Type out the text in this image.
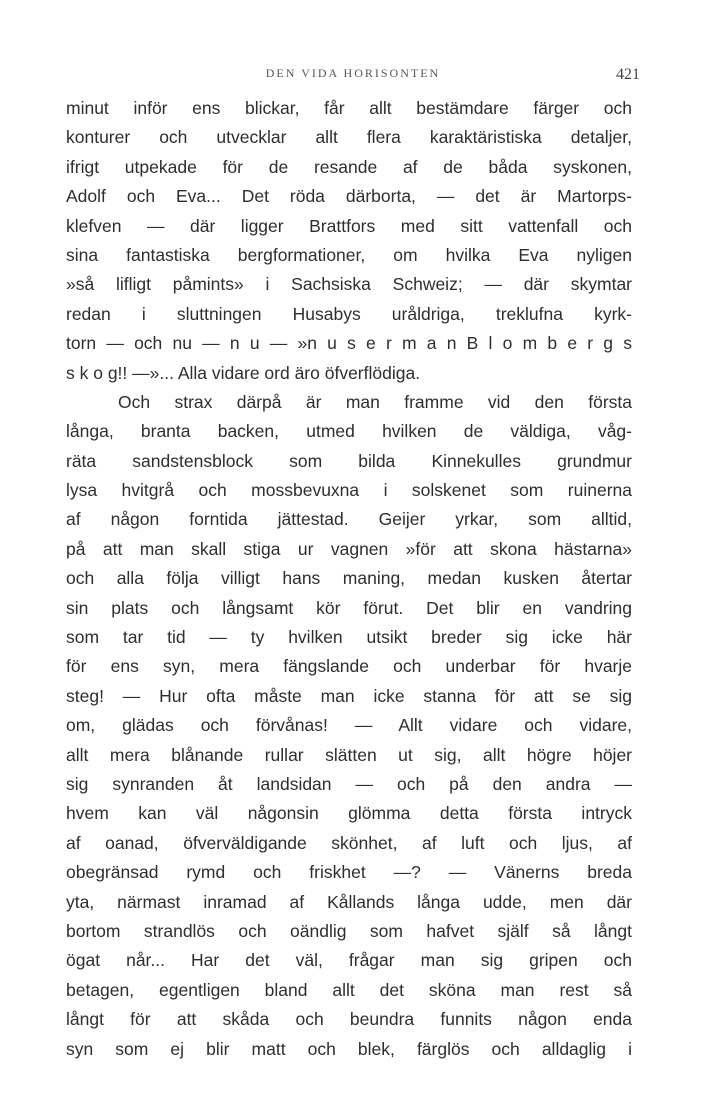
DEN VIDA HORISONTEN	421
minut inför ens blickar, får allt bestämdare färger och
konturer och utvecklar allt flera karaktäristiska detaljer,
ifrigt utpekade för de resande af de båda syskonen,
Adolf och Eva... Det röda därborta, — det är Martorps-
klefven — där ligger Brattfors med sitt vattenfall och
sina fantastiska bergformationer, om hvilka Eva nyligen
»så lifligt påmints» i Sachsiska Schweiz; — där skymtar
redan i sluttningen Husabys uråldriga, treklufna kyrk-
torn — och nu — n u — »n u s e r m a n B l o m b e r g s
s k o g!! —»... Alla vidare ord äro öfverflödiga.
Och strax därpå är man framme vid den första
långa, branta backen, utmed hvilken de väldiga, våg-
räta sandstensblock som bilda Kinnekulles grundmur
lysa hvitgrå och mossbevuxna i solskenet som ruinerna
af någon forntida jättestad. Geijer yrkar, som alltid,
på att man skall stiga ur vagnen »för att skona hästarna»
och alla följa villigt hans maning, medan kusken återtar
sin plats och långsamt kör förut. Det blir en vandring
som tar tid — ty hvilken utsikt breder sig icke här
för ens syn, mera fängslande och underbar för hvarje
steg! — Hur ofta måste man icke stanna för att se sig
om, glädas och förvånas! — Allt vidare och vidare,
allt mera blånande rullar slätten ut sig, allt högre höjer
sig synranden åt landsidan — och på den andra —
hvem kan väl någonsin glömma detta första intryck
af oanad, öfverväldigande skönhet, af luft och ljus, af
obegränsad rymd och friskhet —? — Vänerns breda
yta, närmast inramad af Kållands långa udde, men där
bortom strandlös och oändlig som hafvet själf så långt
ögat når... Har det väl, frågar man sig gripen och
betagen, egentligen bland allt det sköna man rest så
långt för att skåda och beundra funnits någon enda
syn som ej blir matt och blek, färglös och alldaglig i
